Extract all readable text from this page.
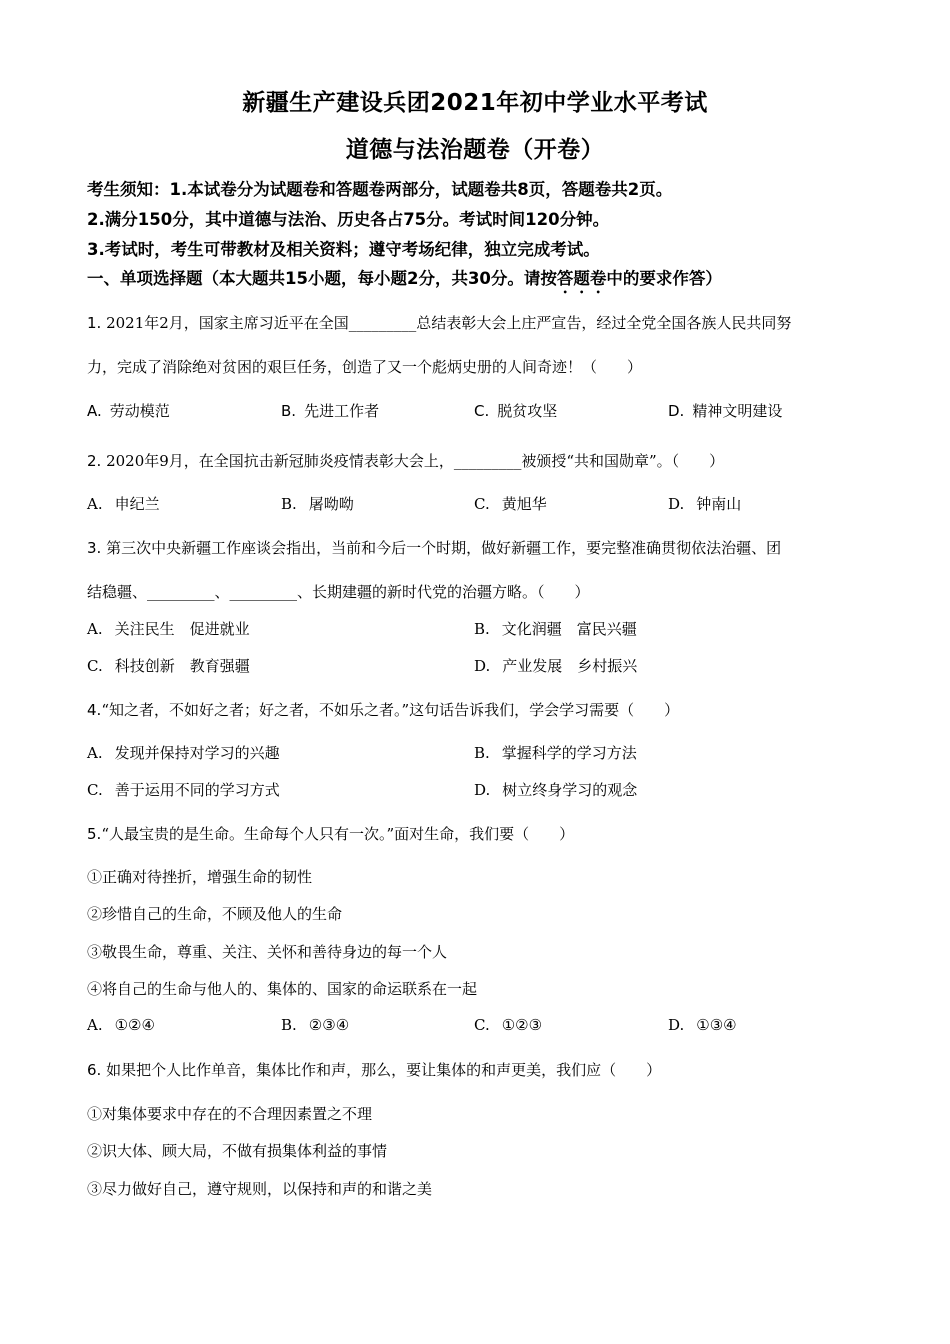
新疆生产建设兵团2021年初中学业水平考试
道德与法治题卷（开卷）
考生须知：1.本试卷分为试题卷和答题卷两部分，试题卷共8页，答题卷共2页。
2.满分150分，其中道德与法治、历史各占75分。考试时间120分钟。
3.考试时，考生可带教材及相关资料；遵守考场纪律，独立完成考试。
一、单项选择题（本大题共15小题，每小题2分，共30分。请按答题卷中的要求作答）
1. 2021年2月，国家主席习近平在全国_________总结表彰大会上庄严宣告，经过全党全国各族人民共同努
力，完成了消除绝对贫困的艰巨任务，创造了又一个彪炳史册的人间奇迹！（　　）
A. 劳动模范	B. 先进工作者	C. 脱贫攻坚	D. 精神文明建设
2. 2020年9月，在全国抗击新冠肺炎疫情表彰大会上，_________被颁授“共和国勋章”。（　　）
A. 申纪兰	B. 屠呦呦	C. 黄旭华	D. 钟南山
3. 第三次中央新疆工作座谈会指出，当前和今后一个时期，做好新疆工作，要完整准确贯彻依法治疆、团
结稳疆、_________、_________、长期建疆的新时代党的治疆方略。（　　）
A. 关注民生　促进就业	B. 文化润疆　富民兴疆
C. 科技创新　教育强疆	D. 产业发展　乡村振兴
4.“知之者，不如好之者；好之者，不如乐之者。”这句话告诉我们，学会学习需要（　　）
A. 发现并保持对学习的兴趣	B. 掌握科学的学习方法
C. 善于运用不同的学习方式	D. 树立终身学习的观念
5.“人最宝贵的是生命。生命每个人只有一次。”面对生命，我们要（　　）
①正确对待挫折，增强生命的韧性
②珍惜自己的生命，不顾及他人的生命
③敬畏生命，尊重、关注、关怀和善待身边的每一个人
④将自己的生命与他人的、集体的、国家的命运联系在一起
A. ①②④	B. ②③④	C. ①②③	D. ①③④
6. 如果把个人比作单音，集体比作和声，那么，要让集体的和声更美，我们应（　　）
①对集体要求中存在的不合理因素置之不理
②识大体、顾大局，不做有损集体利益的事情
③尽力做好自己，遵守规则，以保持和声的和谐之美
